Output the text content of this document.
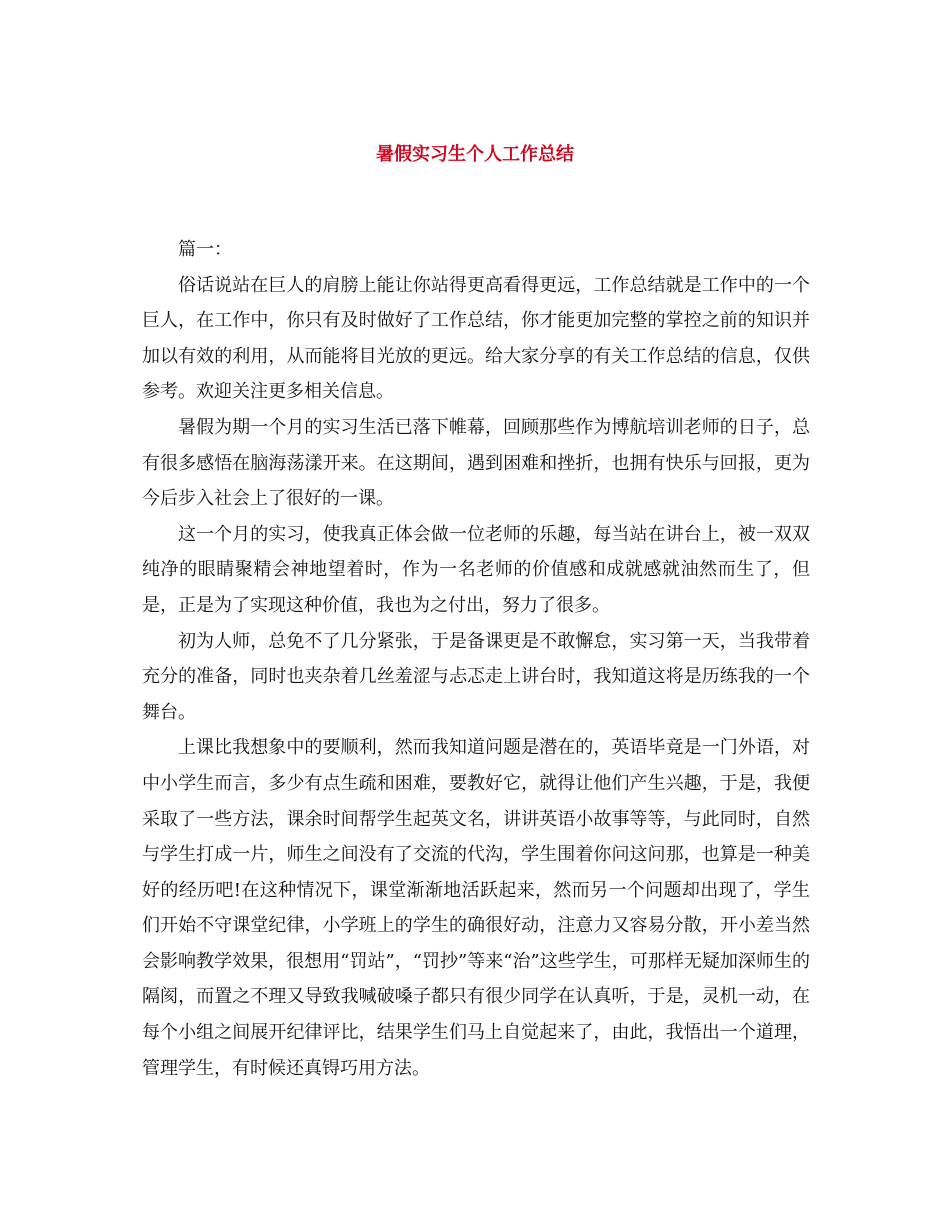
暑假实习生个人工作总结

篇一：

俗话说站在巨人的肩膀上能让你站得更高看得更远，工作总结就是工作中的一个巨人，在工作中，你只有及时做好了工作总结，你才能更加完整的掌控之前的知识并加以有效的利用，从而能将目光放的更远。给大家分享的有关工作总结的信息，仅供参考。欢迎关注更多相关信息。

暑假为期一个月的实习生活已落下帷幕，回顾那些作为博航培训老师的日子，总有很多感悟在脑海荡漾开来。在这期间，遇到困难和挫折，也拥有快乐与回报，更为今后步入社会上了很好的一课。

这一个月的实习，使我真正体会做一位老师的乐趣，每当站在讲台上，被一双双纯净的眼睛聚精会神地望着时，作为一名老师的价值感和成就感就油然而生了，但是，正是为了实现这种价值，我也为之付出，努力了很多。

初为人师，总免不了几分紧张，于是备课更是不敢懈怠，实习第一天，当我带着充分的准备，同时也夹杂着几丝羞涩与忐忑走上讲台时，我知道这将是历练我的一个舞台。

上课比我想象中的要顺利，然而我知道问题是潜在的，英语毕竟是一门外语，对中小学生而言，多少有点生疏和困难，要教好它，就得让他们产生兴趣，于是，我便采取了一些方法，课余时间帮学生起英文名，讲讲英语小故事等等，与此同时，自然与学生打成一片，师生之间没有了交流的代沟，学生围着你问这问那，也算是一种美好的经历吧!在这种情况下，课堂渐渐地活跃起来，然而另一个问题却出现了，学生们开始不守课堂纪律，小学班上的学生的确很好动，注意力又容易分散，开小差当然会影响教学效果，很想用“罚站”，“罚抄”等来“治”这些学生，可那样无疑加深师生的隔阂，而置之不理又导致我喊破嗓子都只有很少同学在认真听，于是，灵机一动，在每个小组之间展开纪律评比，结果学生们马上自觉起来了，由此，我悟出一个道理，管理学生，有时候还真锝巧用方法。
